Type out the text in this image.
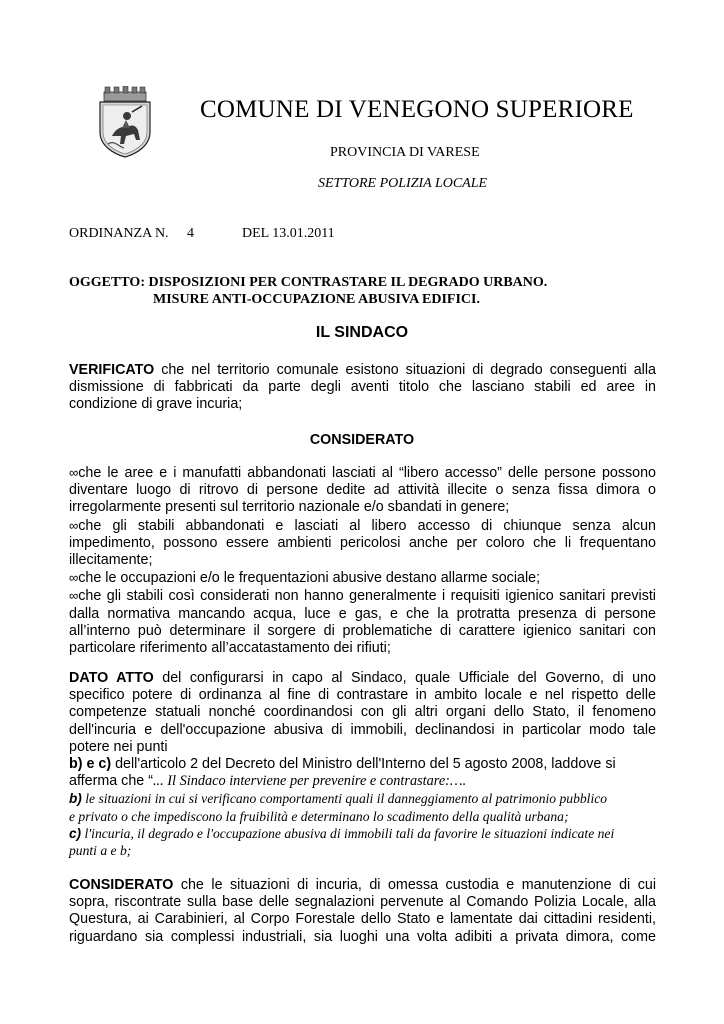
COMUNE DI VENEGONO SUPERIORE
PROVINCIA DI VARESE
SETTORE POLIZIA LOCALE
ORDINANZA N. 4	DEL 13.01.2011
OGGETTO: DISPOSIZIONI PER CONTRASTARE IL DEGRADO URBANO.
MISURE ANTI-OCCUPAZIONE ABUSIVA EDIFICI.
IL SINDACO

VERIFICATO che nel territorio comunale esistono situazioni di degrado conseguenti alla

dismissione di fabbricati da parte degli aventi titolo che lasciano stabili ed aree in

condizione di grave incuria;

CONSIDERATO

∞che le aree e i manufatti abbandonati lasciati al “libero accesso” delle persone possono

diventare luogo di ritrovo di persone dedite ad attività illecite o senza fissa dimora o

irregolarmente presenti sul territorio nazionale e/o sbandati in genere;

∞che gli stabili abbandonati e lasciati al libero accesso di chiunque senza alcun

impedimento, possono essere ambienti pericolosi anche per coloro che li frequentano

illecitamente;

∞che le occupazioni e/o le frequentazioni abusive destano allarme sociale;

∞che gli stabili così considerati non hanno generalmente i requisiti igienico sanitari previsti

dalla normativa mancando acqua, luce e gas, e che la protratta presenza di persone

all’interno può determinare il sorgere di problematiche di carattere igienico sanitari con

particolare riferimento all’accatastamento dei rifiuti;

DATO ATTO del configurarsi in capo al Sindaco, quale Ufficiale del Governo, di uno

specifico potere di ordinanza al fine di contrastare in ambito locale e nel rispetto delle

competenze statuali nonché coordinandosi con gli altri organi dello Stato, il fenomeno

dell'incuria e dell'occupazione abusiva di immobili, declinandosi in particolar modo tale

potere nei punti

b) e c) dell'articolo 2 del Decreto del Ministro dell'Interno del 5 agosto 2008, laddove si

afferma che “... Il Sindaco interviene per prevenire e contrastare:….

b) le situazioni in cui si verificano comportamenti quali il danneggiamento al patrimonio pubblico

e privato o che impediscono la fruibilità e determinano lo scadimento della qualità urbana;

c) l'incuria, il degrado e l'occupazione abusiva di immobili tali da favorire le situazioni indicate nei

punti a e b;

CONSIDERATO che le situazioni di incuria, di omessa custodia e manutenzione di cui

sopra, riscontrate sulla base delle segnalazioni pervenute al Comando Polizia Locale, alla

Questura, ai Carabinieri, al Corpo Forestale dello Stato e lamentate dai cittadini residenti,

riguardano sia complessi industriali, sia luoghi una volta adibiti a privata dimora, come
